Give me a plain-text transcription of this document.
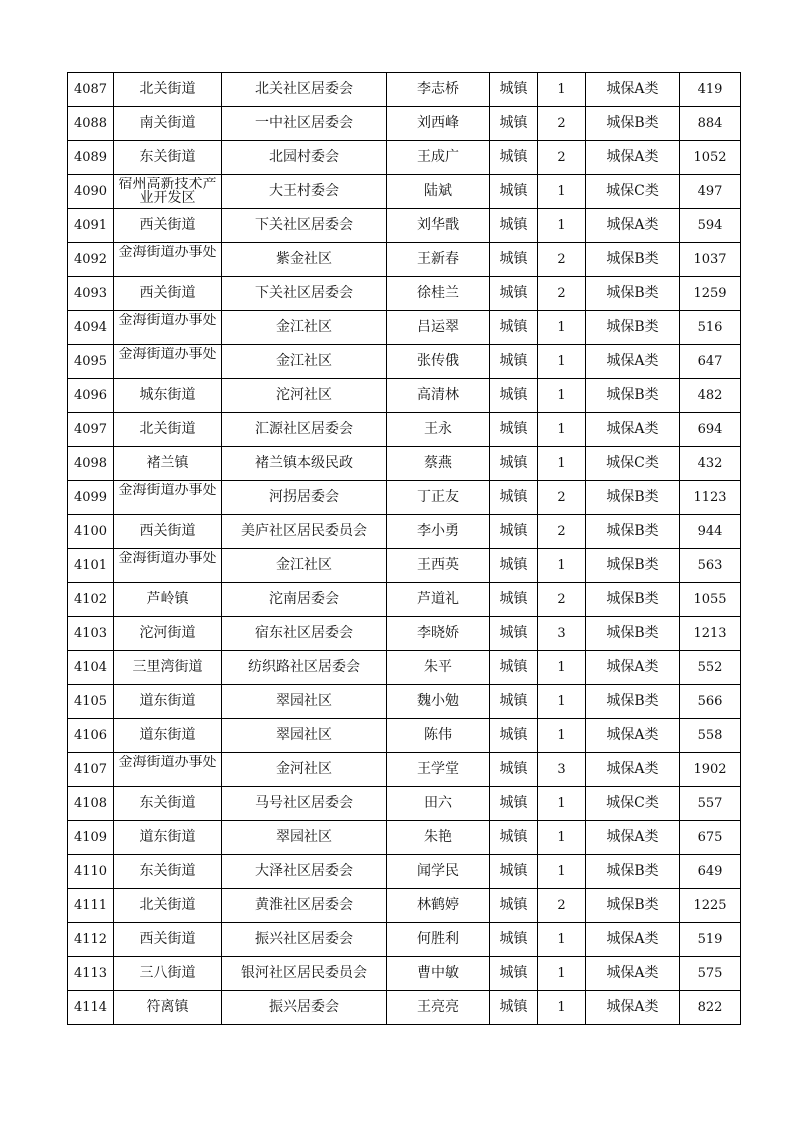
4087	北关街道	北关社区居委会	李志桥	城镇	1	城保A类	419
4088	南关街道	一中社区居委会	刘西峰	城镇	2	城保B类	884
4089	东关街道	北园村委会	王成广	城镇	2	城保A类	1052
4090	宿州高新技术产业开发区	大王村委会	陆斌	城镇	1	城保C类	497
4091	西关街道	下关社区居委会	刘华戬	城镇	1	城保A类	594
4092	金海街道办事处	紫金社区	王新春	城镇	2	城保B类	1037
4093	西关街道	下关社区居委会	徐桂兰	城镇	2	城保B类	1259
4094	金海街道办事处	金江社区	吕运翠	城镇	1	城保B类	516
4095	金海街道办事处	金江社区	张传俄	城镇	1	城保A类	647
4096	城东街道	沱河社区	高清林	城镇	1	城保B类	482
4097	北关街道	汇源社区居委会	王永	城镇	1	城保A类	694
4098	褚兰镇	褚兰镇本级民政	蔡燕	城镇	1	城保C类	432
4099	金海街道办事处	河拐居委会	丁正友	城镇	2	城保B类	1123
4100	西关街道	美庐社区居民委员会	李小勇	城镇	2	城保B类	944
4101	金海街道办事处	金江社区	王西英	城镇	1	城保B类	563
4102	芦岭镇	沱南居委会	芦道礼	城镇	2	城保B类	1055
4103	沱河街道	宿东社区居委会	李晓娇	城镇	3	城保B类	1213
4104	三里湾街道	纺织路社区居委会	朱平	城镇	1	城保A类	552
4105	道东街道	翠园社区	魏小勉	城镇	1	城保B类	566
4106	道东街道	翠园社区	陈伟	城镇	1	城保A类	558
4107	金海街道办事处	金河社区	王学堂	城镇	3	城保A类	1902
4108	东关街道	马号社区居委会	田六	城镇	1	城保C类	557
4109	道东街道	翠园社区	朱艳	城镇	1	城保A类	675
4110	东关街道	大泽社区居委会	闻学民	城镇	1	城保B类	649
4111	北关街道	黄淮社区居委会	林鹤婷	城镇	2	城保B类	1225
4112	西关街道	振兴社区居委会	何胜利	城镇	1	城保A类	519
4113	三八街道	银河社区居民委员会	曹中敏	城镇	1	城保A类	575
4114	符离镇	振兴居委会	王亮亮	城镇	1	城保A类	822
